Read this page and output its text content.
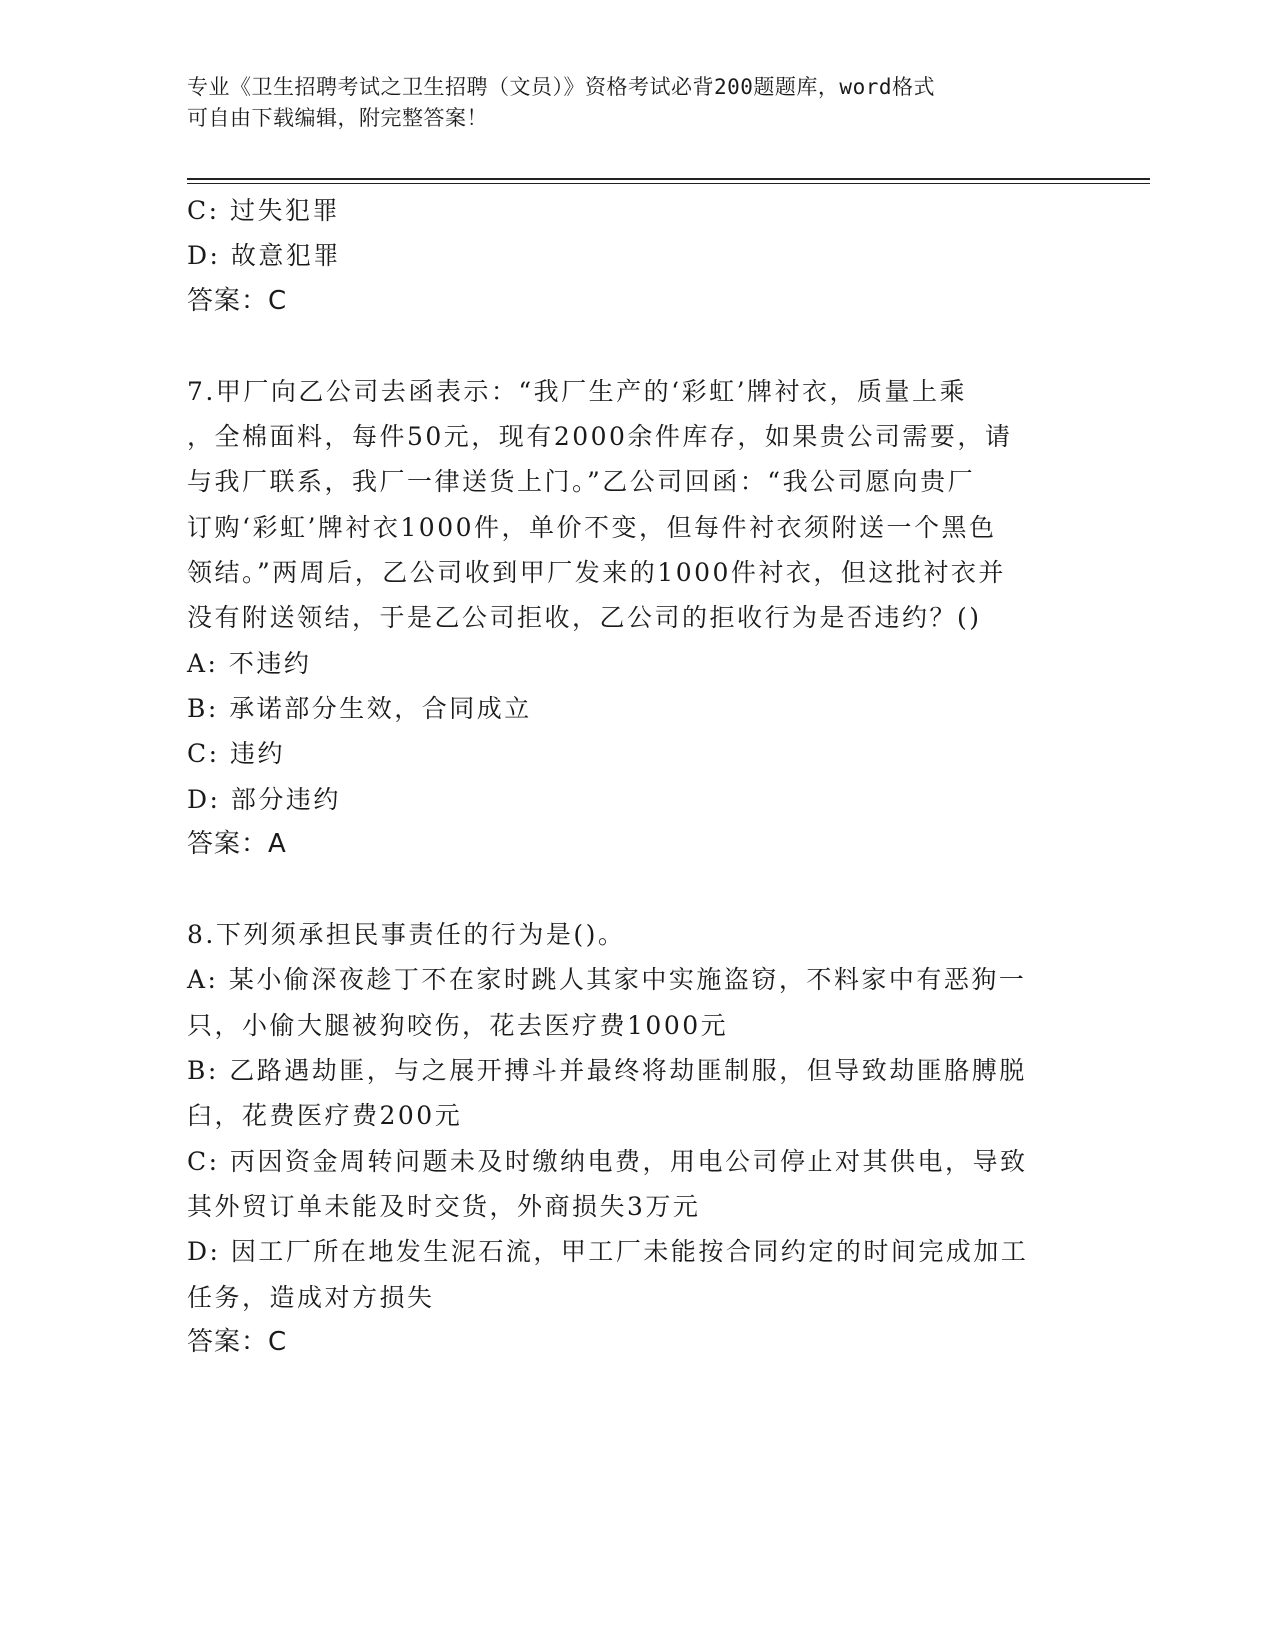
专业《卫生招聘考试之卫生招聘（文员）》资格考试必背200题题库，word格式
可自由下载编辑，附完整答案！
C: 过失犯罪
D: 故意犯罪
答案：C
7.甲厂向乙公司去函表示：“我厂生产的‘彩虹’牌衬衣，质量上乘
，全棉面料，每件50元，现有2000余件库存，如果贵公司需要，请
与我厂联系，我厂一律送货上门。”乙公司回函：“我公司愿向贵厂
订购‘彩虹’牌衬衣1000件，单价不变，但每件衬衣须附送一个黑色
领结。”两周后，乙公司收到甲厂发来的1000件衬衣，但这批衬衣并
没有附送领结，于是乙公司拒收，乙公司的拒收行为是否违约？()
A: 不违约
B: 承诺部分生效，合同成立
C: 违约
D: 部分违约
答案：A
8.下列须承担民事责任的行为是()。
A: 某小偷深夜趁丁不在家时跳人其家中实施盗窃，不料家中有恶狗一
只，小偷大腿被狗咬伤，花去医疗费1000元
B: 乙路遇劫匪，与之展开搏斗并最终将劫匪制服，但导致劫匪胳膊脱
臼，花费医疗费200元
C: 丙因资金周转问题未及时缴纳电费，用电公司停止对其供电，导致
其外贸订单未能及时交货，外商损失3万元
D: 因工厂所在地发生泥石流，甲工厂未能按合同约定的时间完成加工
任务，造成对方损失
答案：C
